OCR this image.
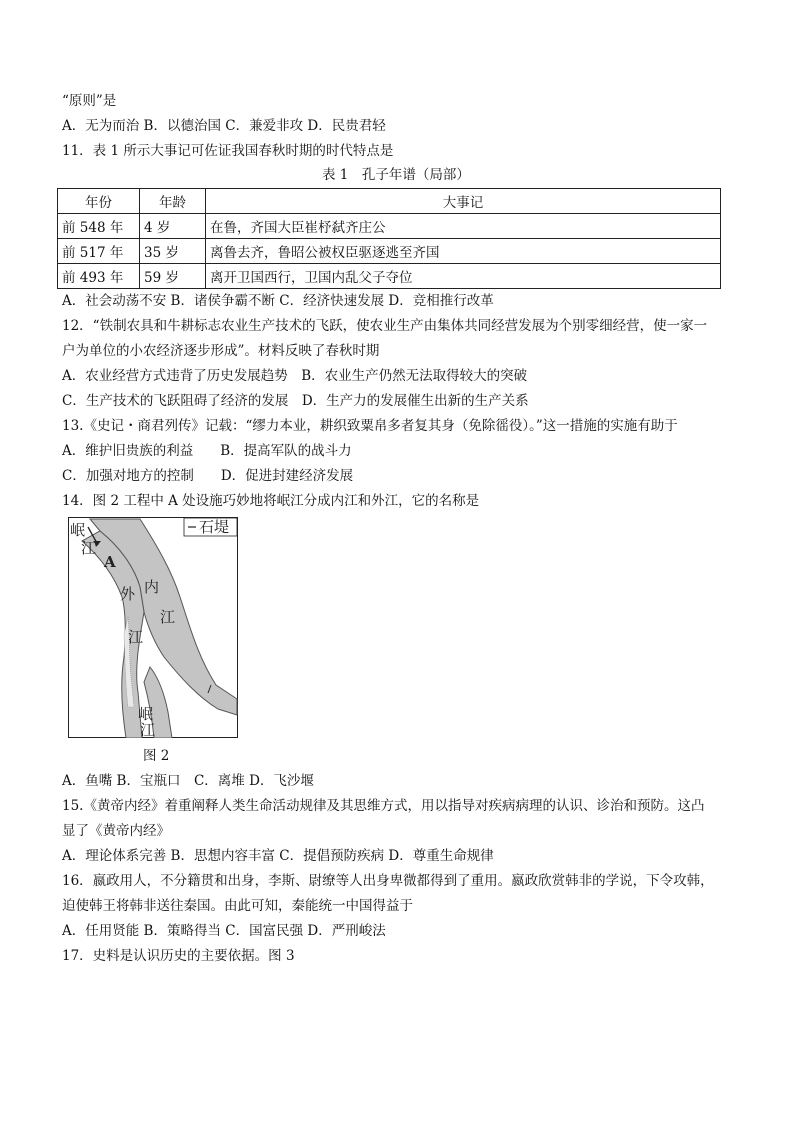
“原则”是
A．无为而治 B．以德治国 C．兼爱非攻 D．民贵君轻
11．表 1 所示大事记可佐证我国春秋时期的时代特点是
表 1　孔子年谱（局部）
年份	年龄	大事记
前 548 年	4 岁	在鲁，齐国大臣崔杼弑齐庄公
前 517 年	35 岁	离鲁去齐，鲁昭公被权臣驱逐逃至齐国
前 493 年	59 岁	离开卫国西行，卫国内乱父子夺位
A．社会动荡不安 B．诸侯争霸不断 C．经济快速发展 D．竞相推行改革
12．“铁制农具和牛耕标志农业生产技术的飞跃，使农业生产由集体共同经营发展为个别零细经营，使一家一
户为单位的小农经济逐步形成”。材料反映了春秋时期
A．农业经营方式违背了历史发展趋势　B．农业生产仍然无法取得较大的突破
C．生产技术的飞跃阻碍了经济的发展　D．生产力的发展催生出新的生产关系
13.《史记・商君列传》记载：“缪力本业，耕织致粟帛多者复其身（免除徭役）。”这一措施的实施有助于
A．维护旧贵族的利益　　B．提高军队的战斗力
C．加强对地方的控制　　D．促进封建经济发展
14．图 2 工程中 A 处设施巧妙地将岷江分成内江和外江，它的名称是
石堤
岷
江
A
内
江
外
江
岷
江
图 2
A．鱼嘴 B．宝瓶口　C．离堆 D．飞沙堰
15.《黄帝内经》着重阐释人类生命活动规律及其思维方式，用以指导对疾病病理的认识、诊治和预防。这凸
显了《黄帝内经》
A．理论体系完善 B．思想内容丰富 C．提倡预防疾病 D．尊重生命规律
16．嬴政用人，不分籍贯和出身，李斯、尉缭等人出身卑微都得到了重用。嬴政欣赏韩非的学说，下令攻韩，
迫使韩王将韩非送往秦国。由此可知，秦能统一中国得益于
A．任用贤能 B．策略得当 C．国富民强 D．严刑峻法
17．史料是认识历史的主要依据。图 3
